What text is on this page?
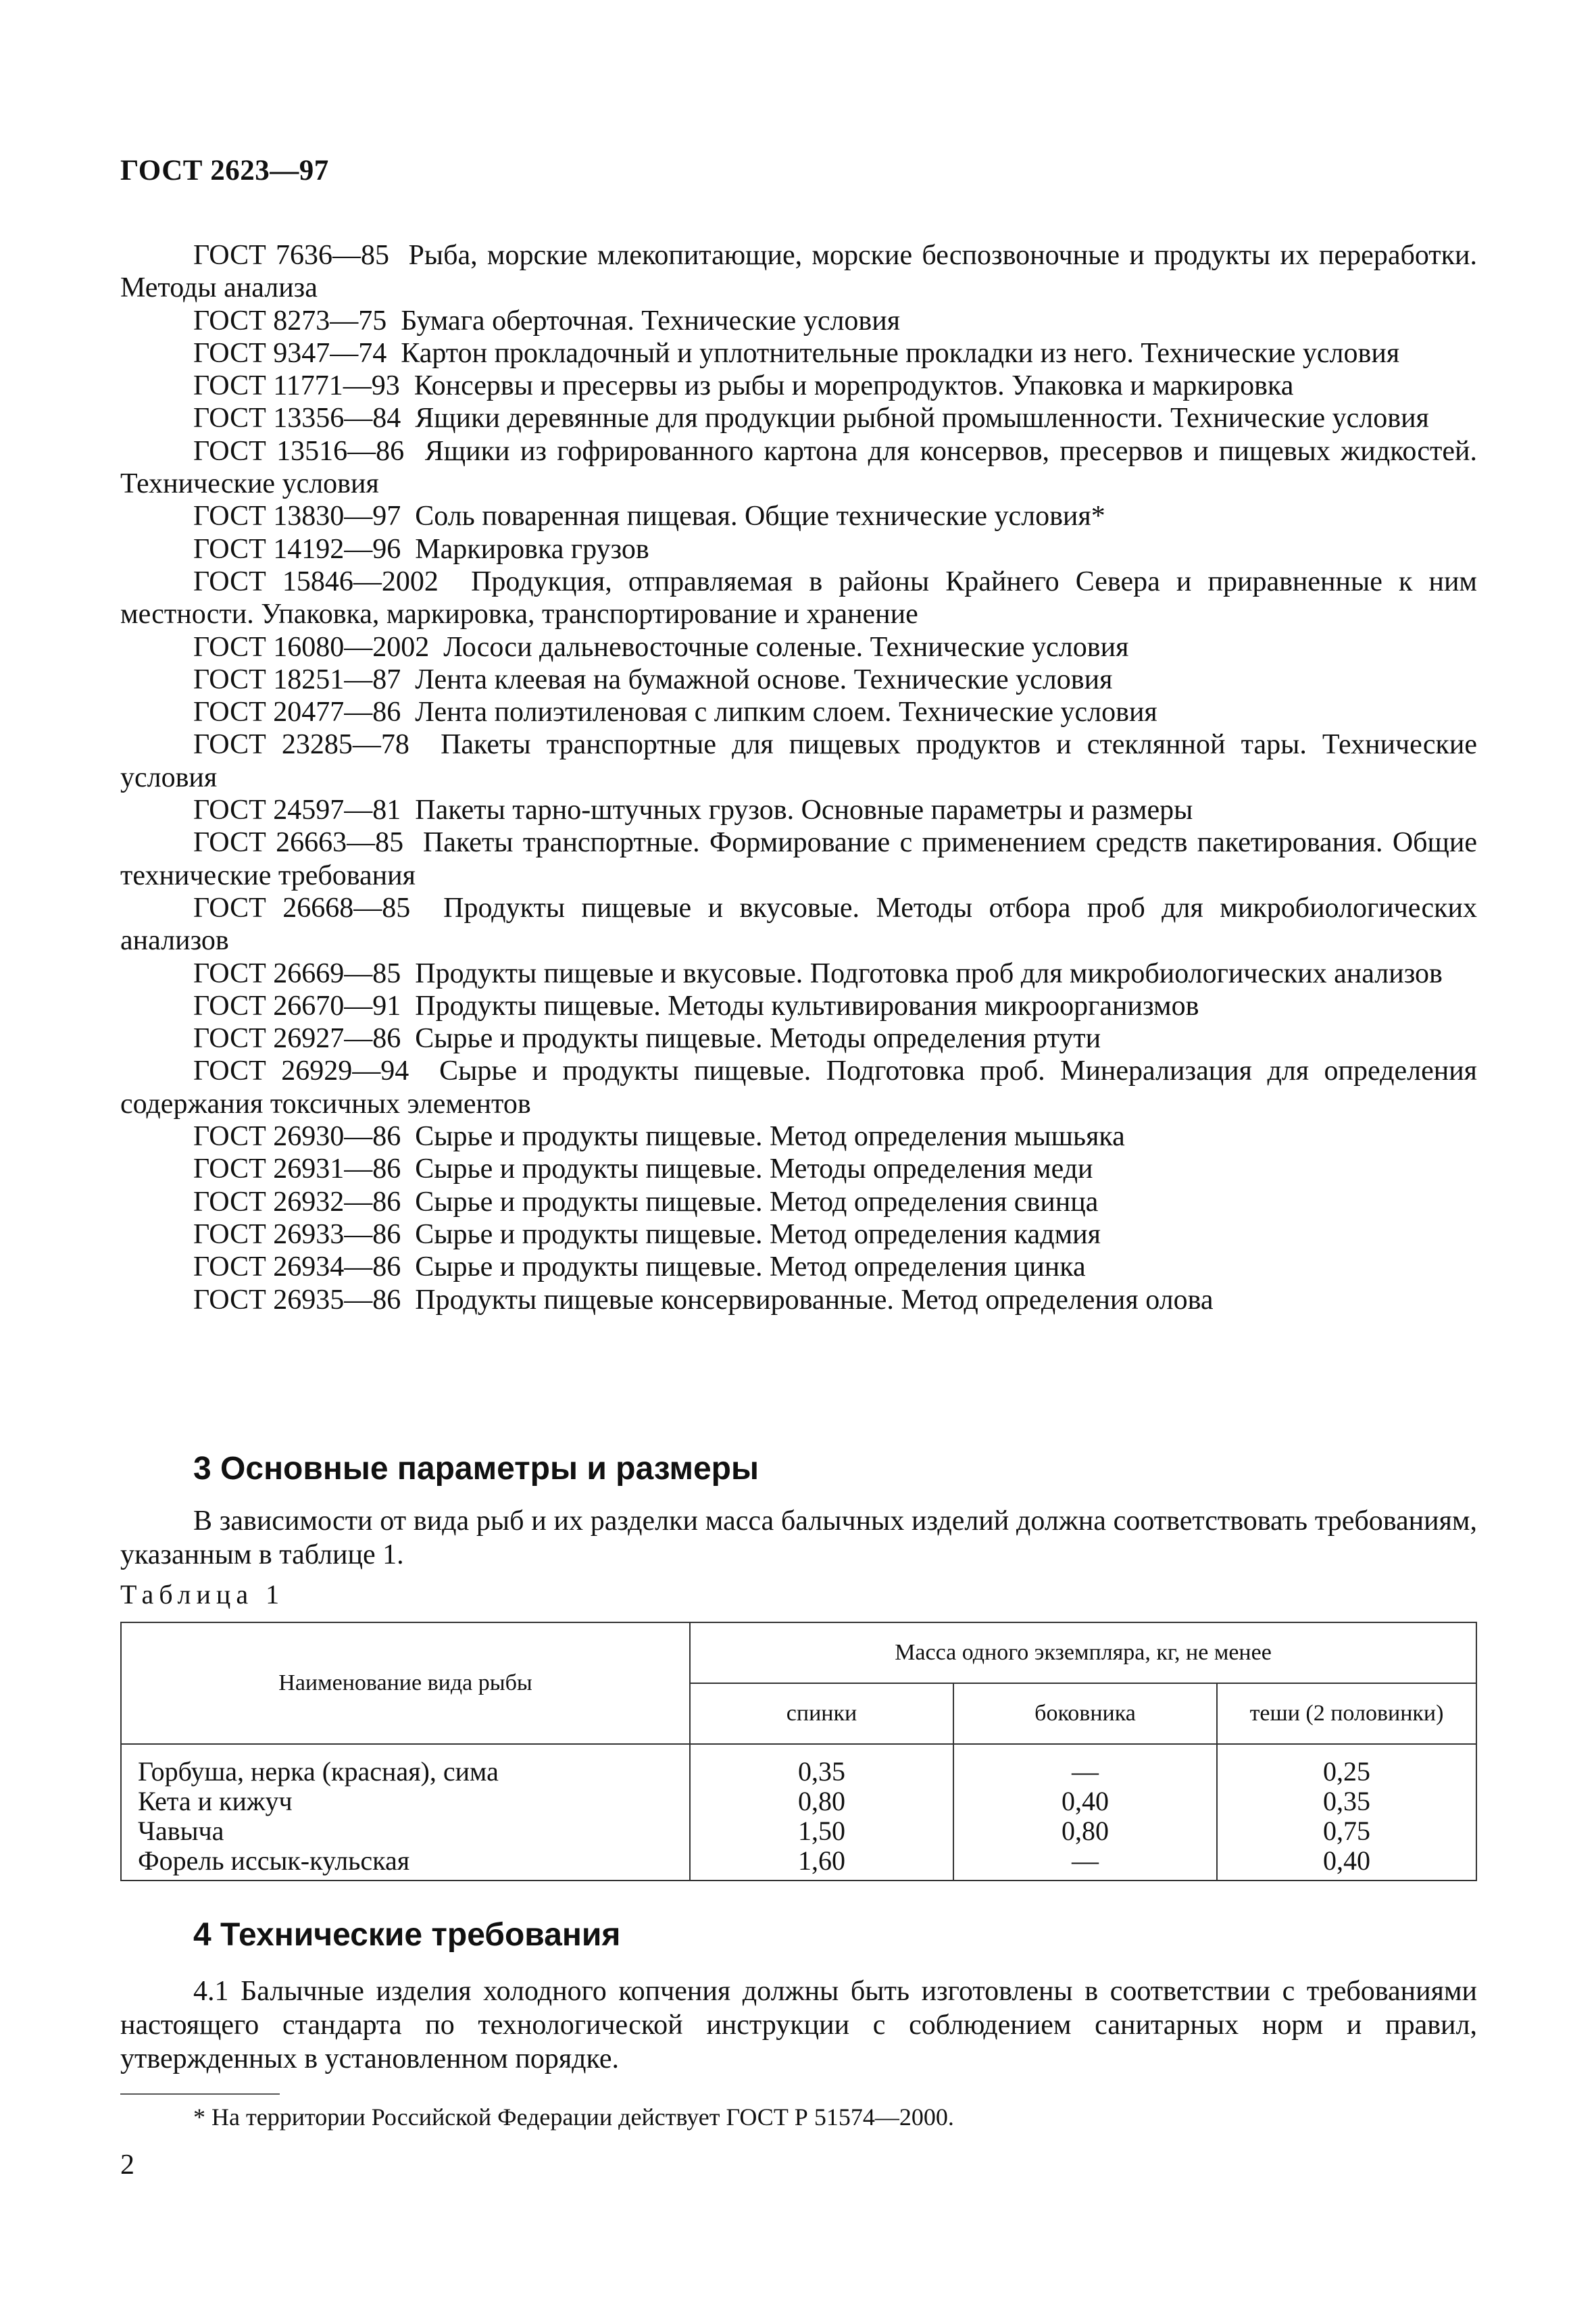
ГОСТ 2623—97

ГОСТ 7636—85 Рыба, морские млекопитающие, морские беспозвоночные и продукты их переработки. Методы анализа

ГОСТ 8273—75 Бумага оберточная. Технические условия

ГОСТ 9347—74 Картон прокладочный и уплотнительные прокладки из него. Технические условия

ГОСТ 11771—93 Консервы и пресервы из рыбы и морепродуктов. Упаковка и маркировка

ГОСТ 13356—84 Ящики деревянные для продукции рыбной промышленности. Технические условия

ГОСТ 13516—86 Ящики из гофрированного картона для консервов, пресервов и пищевых жидкостей. Технические условия

ГОСТ 13830—97 Соль поваренная пищевая. Общие технические условия*

ГОСТ 14192—96 Маркировка грузов

ГОСТ 15846—2002 Продукция, отправляемая в районы Крайнего Севера и приравненные к ним местности. Упаковка, маркировка, транспортирование и хранение

ГОСТ 16080—2002 Лососи дальневосточные соленые. Технические условия

ГОСТ 18251—87 Лента клеевая на бумажной основе. Технические условия

ГОСТ 20477—86 Лента полиэтиленовая с липким слоем. Технические условия

ГОСТ 23285—78 Пакеты транспортные для пищевых продуктов и стеклянной тары. Технические условия

ГОСТ 24597—81 Пакеты тарно-штучных грузов. Основные параметры и размеры

ГОСТ 26663—85 Пакеты транспортные. Формирование с применением средств пакетирования. Общие технические требования

ГОСТ 26668—85 Продукты пищевые и вкусовые. Методы отбора проб для микробиологических анализов

ГОСТ 26669—85 Продукты пищевые и вкусовые. Подготовка проб для микробиологических анализов

ГОСТ 26670—91 Продукты пищевые. Методы культивирования микроорганизмов

ГОСТ 26927—86 Сырье и продукты пищевые. Методы определения ртути

ГОСТ 26929—94 Сырье и продукты пищевые. Подготовка проб. Минерализация для определения содержания токсичных элементов

ГОСТ 26930—86 Сырье и продукты пищевые. Метод определения мышьяка

ГОСТ 26931—86 Сырье и продукты пищевые. Методы определения меди

ГОСТ 26932—86 Сырье и продукты пищевые. Метод определения свинца

ГОСТ 26933—86 Сырье и продукты пищевые. Метод определения кадмия

ГОСТ 26934—86 Сырье и продукты пищевые. Метод определения цинка

ГОСТ 26935—86 Продукты пищевые консервированные. Метод определения олова

3 Основные параметры и размеры

В зависимости от вида рыб и их разделки масса балычных изделий должна соответствовать требованиям, указанным в таблице 1.

Таблица 1
Наименование вида рыбы	Масса одного экземпляра, кг, не менее		
	спинки	боковника	теши (2 половинки)
Горбуша, нерка (красная), сима	0,35	—	0,25
Кета и кижуч	0,80	0,40	0,35
Чавыча	1,50	0,80	0,75
Форель иссык-кульская	1,60	—	0,40
4 Технические требования

4.1 Балычные изделия холодного копчения должны быть изготовлены в соответствии с требованиями настоящего стандарта по технологической инструкции с соблюдением санитарных норм и правил, утвержденных в установленном порядке.

* На территории Российской Федерации действует ГОСТ Р 51574—2000.
2
